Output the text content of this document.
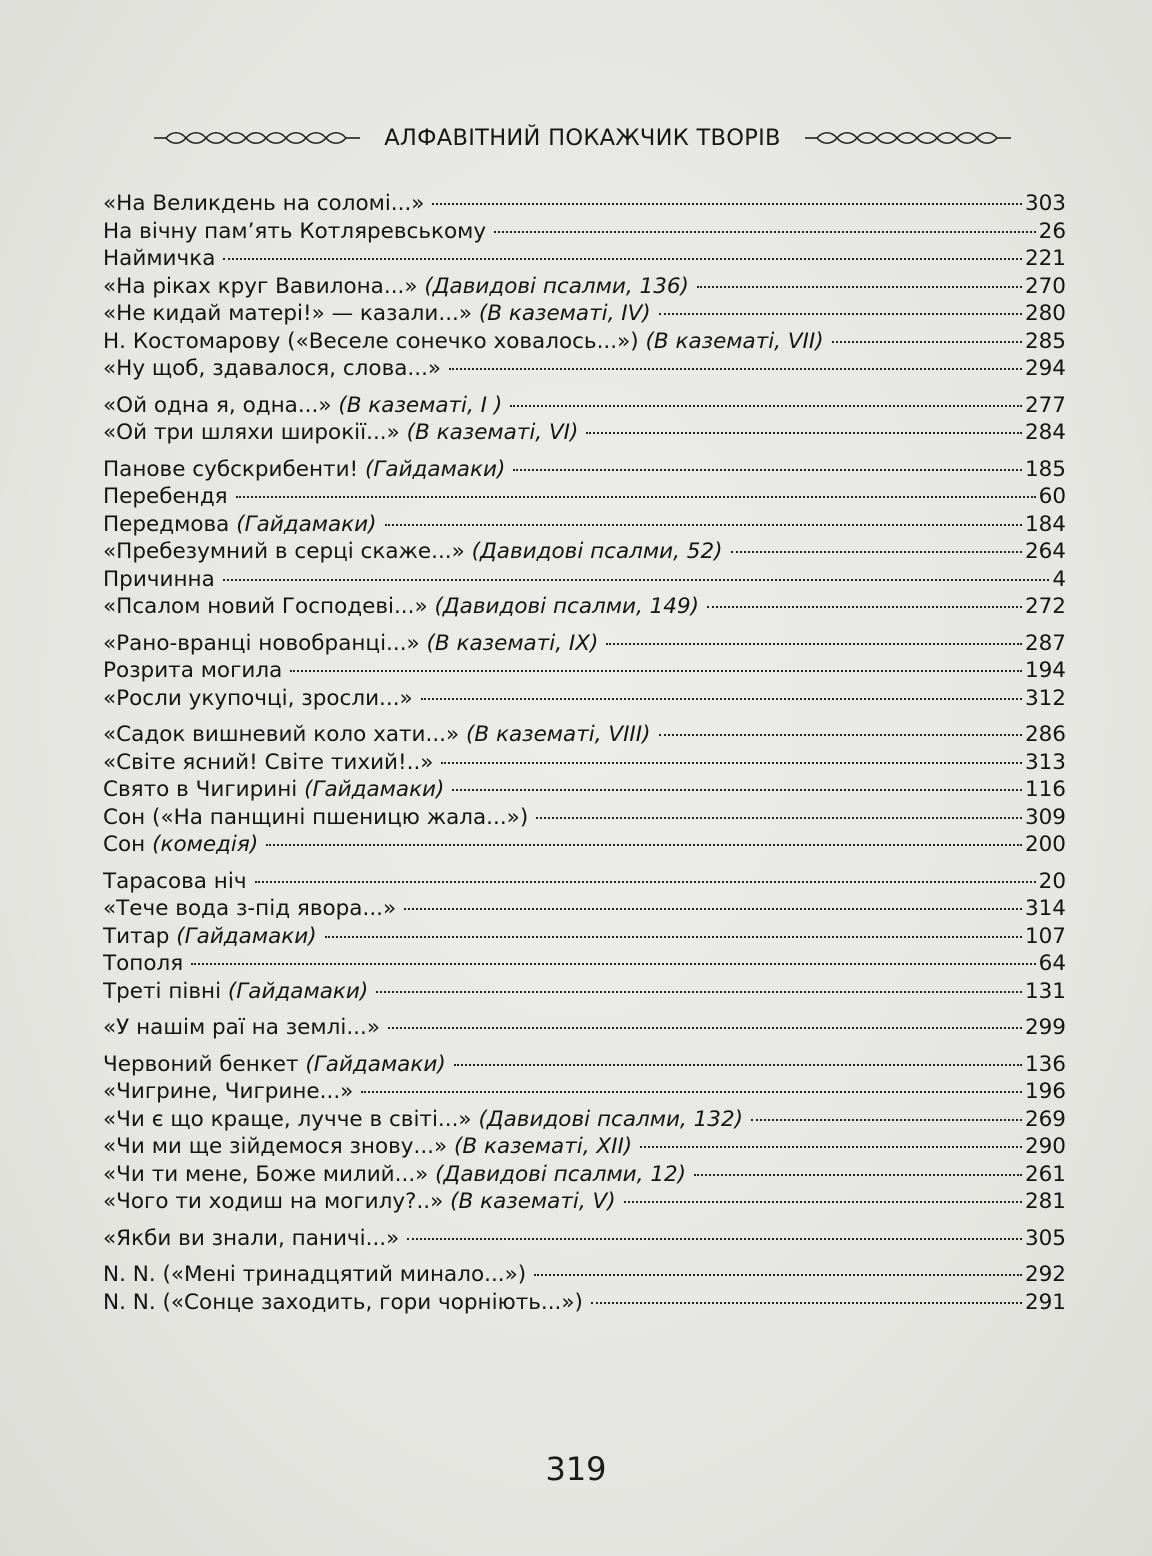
АЛФАВІТНИЙ ПОКАЖЧИК ТВОРІВ
«На Великдень на соломі...»	303
На вічну пам’ять Котляревському	26
Наймичка	221
«На ріках круг Вавилона...» (Давидові псалми, 136)	270
«Не кидай матері!» — казали...» (В казематі, IV)	280
Н. Костомарову («Веселе сонечко ховалось...») (В казематі, VII)	285
«Ну щоб, здавалося, слова...»	294
«Ой одна я, одна...» (В казематі, І )	277
«Ой три шляхи широкії...» (В казематі, VI)	284
Панове субскрибенти! (Гайдамаки)	185
Перебендя	60
Передмова (Гайдамаки)	184
«Пребезумний в серці скаже...» (Давидові псалми, 52)	264
Причинна	4
«Псалом новий Господеві...» (Давидові псалми, 149)	272
«Рано-вранці новобранці...» (В казематі, IX)	287
Розрита могила	194
«Росли укупочці, зросли...»	312
«Садок вишневий коло хати...» (В казематі, VIII)	286
«Світе ясний! Світе тихий!..»	313
Свято в Чигирині (Гайдамаки)	116
Сон («На панщині пшеницю жала...»)	309
Сон (комедія)	200
Тарасова ніч	20
«Тече вода з-під явора...»	314
Титар (Гайдамаки)	107
Тополя	64
Треті півні (Гайдамаки)	131
«У нашім раї на землі...»	299
Червоний бенкет (Гайдамаки)	136
«Чигрине, Чигрине...»	196
«Чи є що краще, лучче в світі...» (Давидові псалми, 132)	269
«Чи ми ще зійдемося знову...» (В казематі, XII)	290
«Чи ти мене, Боже милий...» (Давидові псалми, 12)	261
«Чого ти ходиш на могилу?..» (В казематі, V)	281
«Якби ви знали, паничі...»	305
N. N. («Мені тринадцятий минало...»)	292
N. N. («Сонце заходить, гори чорніють...»)	291
319
